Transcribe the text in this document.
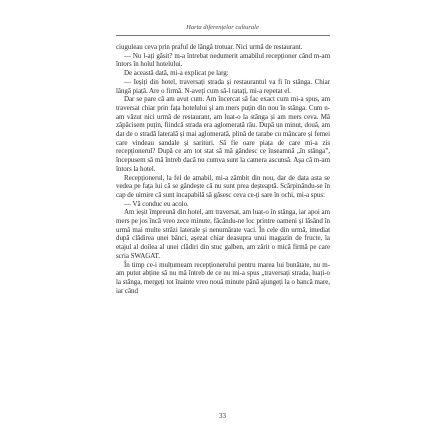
Harta diferențelor culturale

ciugulеau ceva prin praful de lângă trotuar. Nici urmă de restaurant.

— Nu l-ați găsit? m-a întrebat nedumerit amabilul recepționer când m-am întors în holul hotelului.

De această dată, mi-a explicat pe larg:

— Ieșiți din hotel, traversați strada și restaurantul va fi în stânga. Chiar lângă piață. Are o firmă. N-aveți cum să-l ratați, mi-a repetat el.

Dar se pare că am avut cum. Am încercat să fac exact cum mi-a spus, am traversat chiar prin fața hotelului și am mers puțin din nou în stânga. Cum n-am văzut nici urmă de restaurant, am luat-o la stânga și am mers ceva. Mă zăpăcisem puțin, fiindcă strada era aglomerată rău. După un minut, două, am dat de o stradă laterală și mai aglomerată, plină de tarabe cu mâncare și femei care vindeau sandale și sarituri. Să fie oare piața de care mi-a zis recepționerul? După ce am tot stat să mă gândesc ce înseamnă „în stânga”, începusem să mă întreb dacă nu cumva sunt la camera ascunsă. Așa că m-am întors la hotel.

Recepționerul, la fel de amabil, mi-a zâmbit din nou, dar de data asta se vedea pe fața lui că se gândește că nu sunt prea deșteaptă. Scărpinându-se în cap de uimire că sunt incapabilă să găsesc ceva ce-ți sare în ochi, mi-a spus:

— Vă conduc eu acolo.

Am ieșit împreună din hotel, am traversat, am luat-o în stânga, iar apoi am mers pe jos încă vreo zece minute, făcându-ne loc printre oameni și lăsând în urmă mai multe străzi laterale și nenumărate vaci. În cele din urmă, imediat după clădirea unei bănci, așezat chiar deasupra unui magazin de fructe, la etajul al doilea al unei clădiri din stuc galben, am zărit o mică firmă pe care scria SWAGAT.

În timp ce-i mulțumeam recepționerului pentru marea lui bunătate, nu m-am putut abține să nu mă întreb de ce nu mi-a spus „traversați strada, luați-o la stânga, mergeți tot înainte vreo nouă minute până ajungeți la o bancă mare, iar când

33
